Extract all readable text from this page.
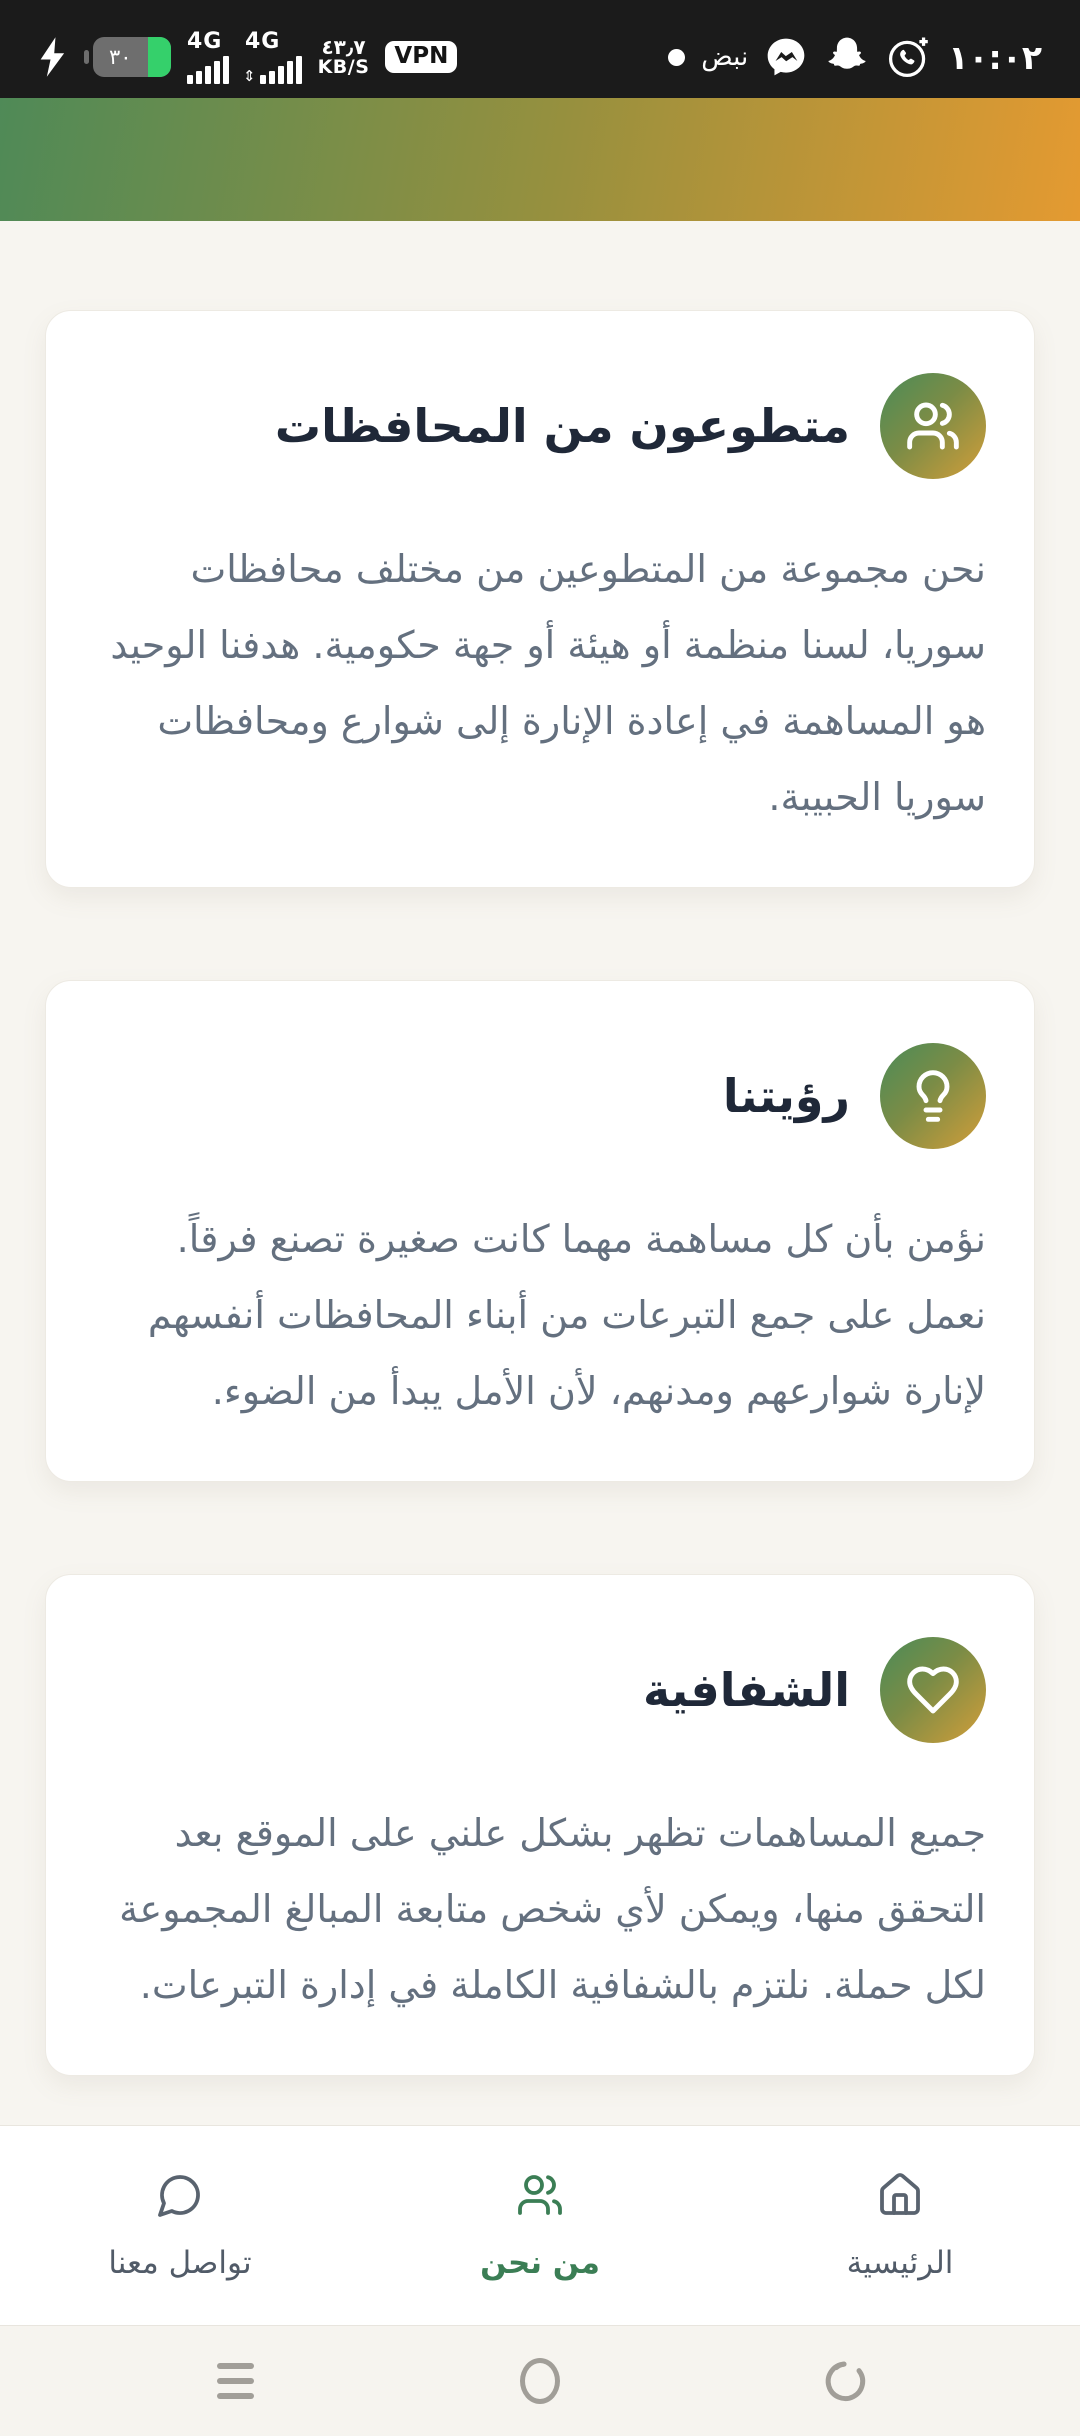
٣٠
4G 4G
⇕
٤٣٫٧
KB/S	VPN	نبض	١٠:٠٢
متطوعون من المحافظات

نحن مجموعة من المتطوعين من مختلف محافظات سوريا، لسنا منظمة أو هيئة أو جهة حكومية. هدفنا الوحيد هو المساهمة في إعادة الإنارة إلى شوارع ومحافظات سوريا الحبيبة.

رؤيتنا

نؤمن بأن كل مساهمة مهما كانت صغيرة تصنع فرقاً. نعمل على جمع التبرعات من أبناء المحافظات أنفسهم لإنارة شوارعهم ومدنهم، لأن الأمل يبدأ من الضوء.

الشفافية

جميع المساهمات تظهر بشكل علني على الموقع بعد التحقق منها، ويمكن لأي شخص متابعة المبالغ المجموعة لكل حملة. نلتزم بالشفافية الكاملة في إدارة التبرعات.

الرئيسية
من نحن
تواصل معنا
